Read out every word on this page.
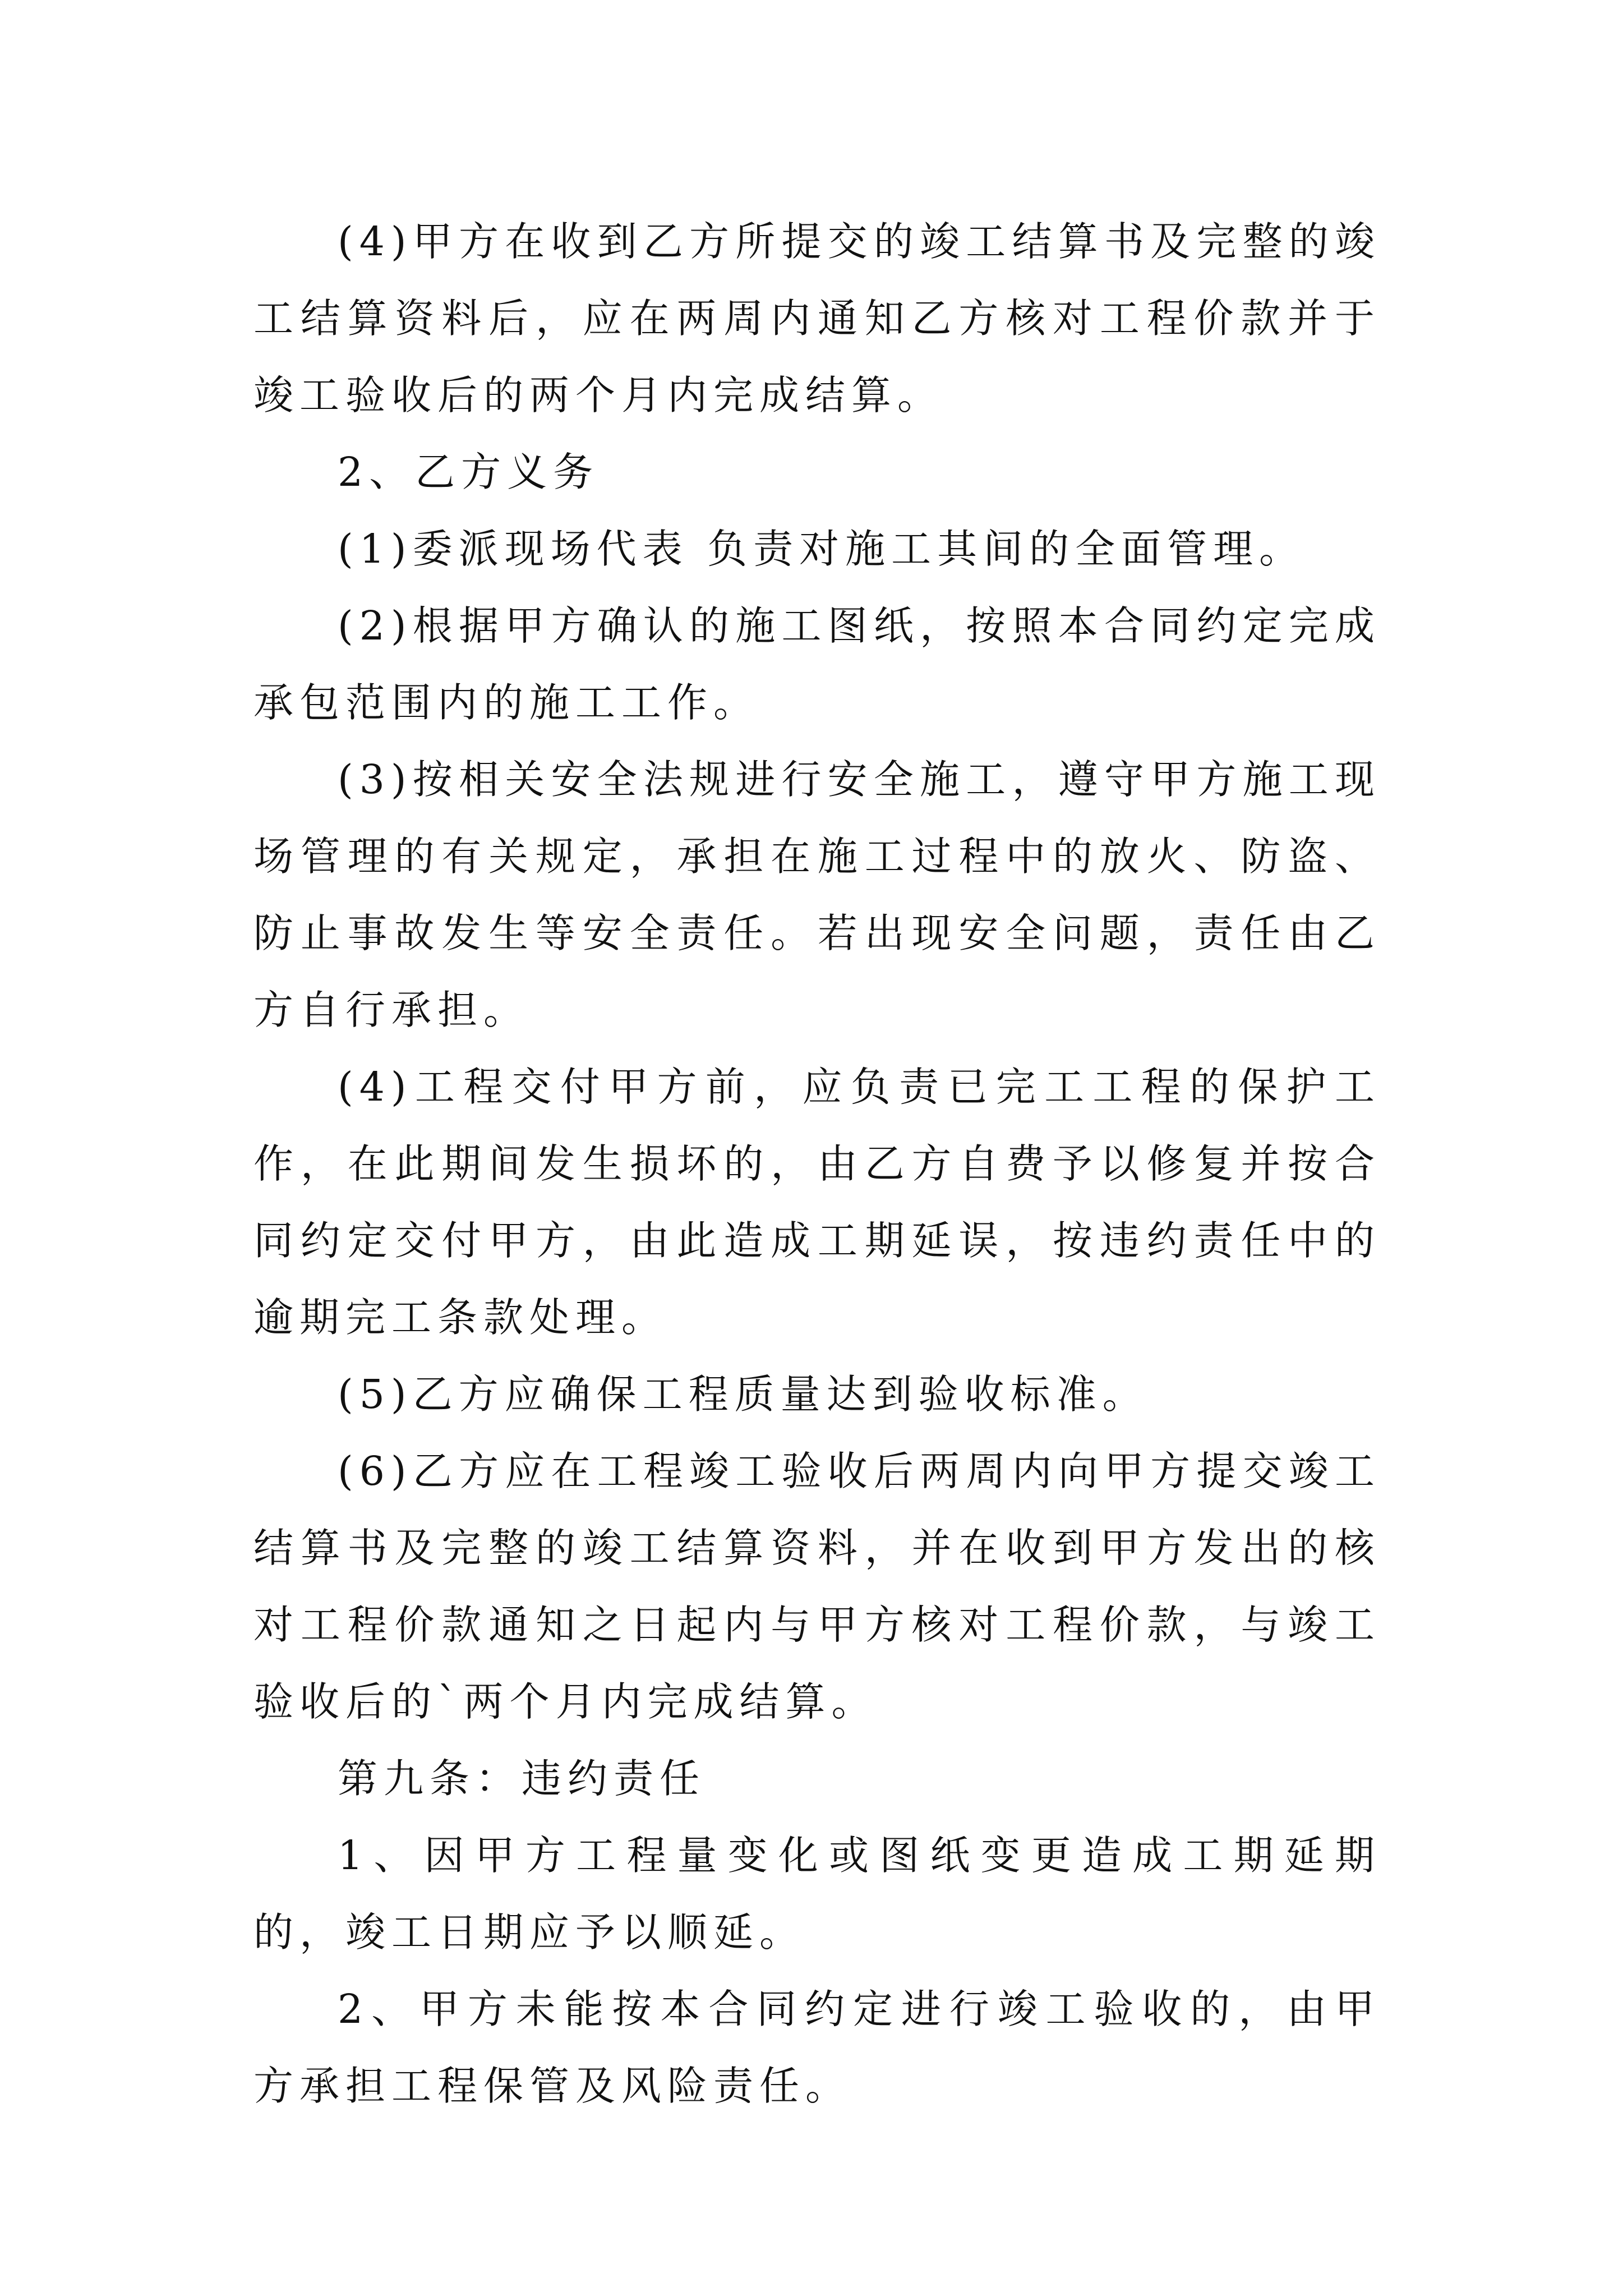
(4)甲方在收到乙方所提交的竣工结算书及完整的竣工结算资料后，应在两周内通知乙方核对工程价款并于竣工验收后的两个月内完成结算。

2、乙方义务

(1)委派现场代表 负责对施工其间的全面管理。

(2)根据甲方确认的施工图纸，按照本合同约定完成承包范围内的施工工作。

(3)按相关安全法规进行安全施工，遵守甲方施工现场管理的有关规定，承担在施工过程中的放火、防盗、防止事故发生等安全责任。若出现安全问题，责任由乙方自行承担。

(4)工程交付甲方前，应负责已完工工程的保护工作，在此期间发生损坏的，由乙方自费予以修复并按合同约定交付甲方，由此造成工期延误，按违约责任中的逾期完工条款处理。

(5)乙方应确保工程质量达到验收标准。

(6)乙方应在工程竣工验收后两周内向甲方提交竣工结算书及完整的竣工结算资料，并在收到甲方发出的核对工程价款通知之日起内与甲方核对工程价款，与竣工验收后的`两个月内完成结算。

第九条：违约责任

1、因甲方工程量变化或图纸变更造成工期延期的，竣工日期应予以顺延。

2、甲方未能按本合同约定进行竣工验收的，由甲方承担工程保管及风险责任。
